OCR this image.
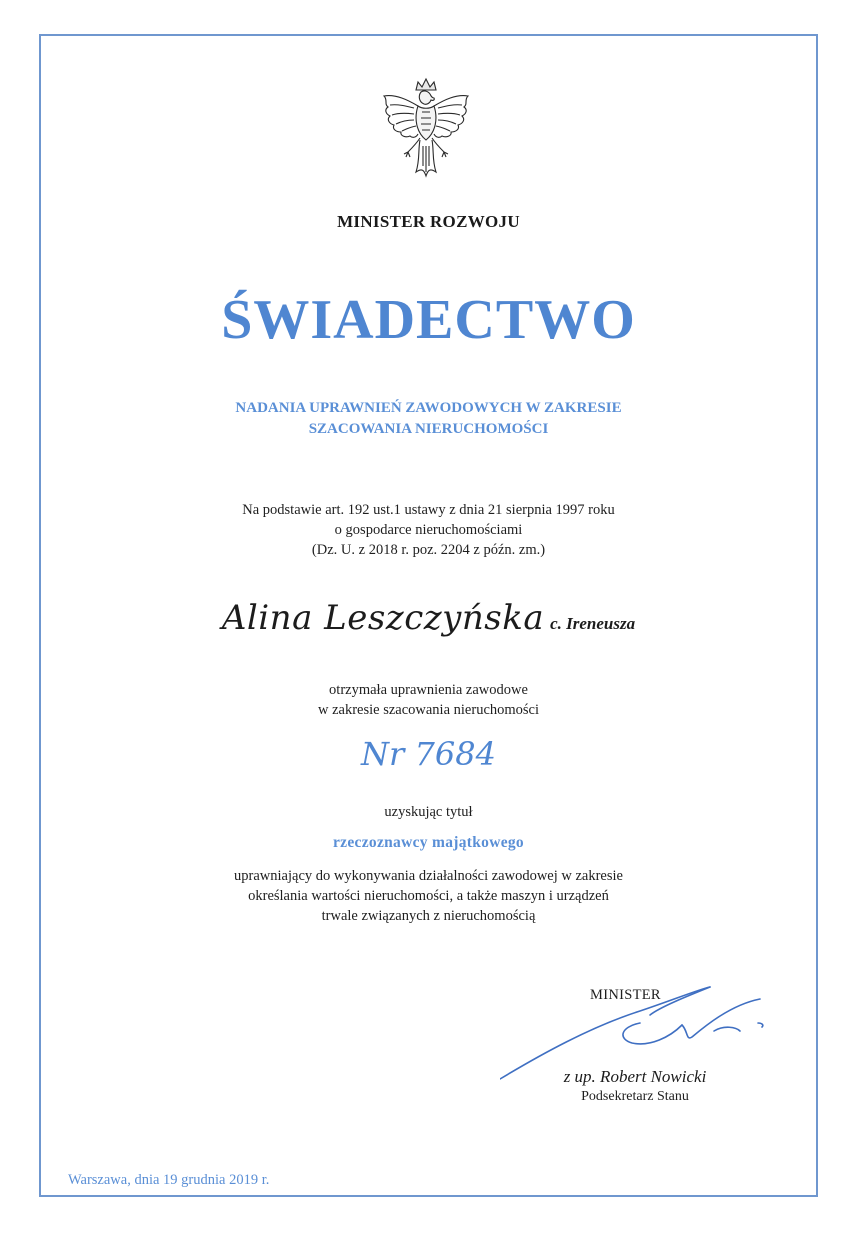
MINISTER ROZWOJU

ŚWIADECTWO

NADANIA UPRAWNIEŃ ZAWODOWYCH W ZAKRESIE
SZACOWANIA NIERUCHOMOŚCI
Na podstawie art. 192 ust.1 ustawy z dnia 21 sierpnia 1997 roku
o gospodarce nieruchomościami
(Dz. U. z 2018 r. poz. 2204 z późn. zm.)
Alina Leszczyńska c. Ireneusza
otrzymała uprawnienia zawodowe
w zakresie szacowania nieruchomości

Nr 7684

uzyskując tytuł

rzeczoznawcy majątkowego

uprawniający do wykonywania działalności zawodowej w zakresie
określania wartości nieruchomości, a także maszyn i urządzeń
trwale związanych z nieruchomością
MINISTER
z up. Robert Nowicki
Podsekretarz Stanu

Warszawa, dnia 19 grudnia 2019 r.
